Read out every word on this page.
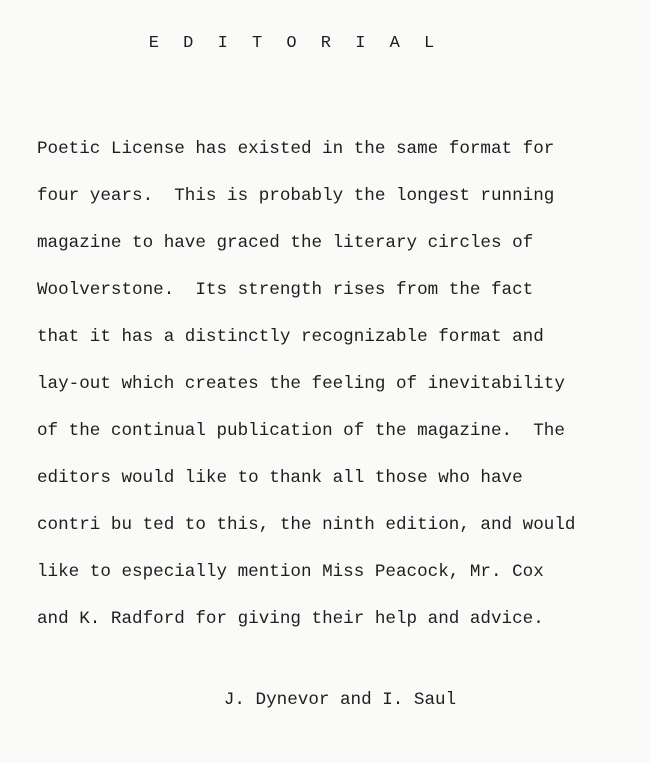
E D I T O R I A L
Poetic License has existed in the same format for
four years.  This is probably the longest running
magazine to have graced the literary circles of
Woolverstone.  Its strength rises from the fact
that it has a distinctly recognizable format and
lay-out which creates the feeling of inevitability
of the continual publication of the magazine.  The
editors would like to thank all those who have
contri bu ted to this, the ninth edition, and would
like to especially mention Miss Peacock, Mr. Cox
and K. Radford for giving their help and advice.
J. Dynevor and I. Saul
